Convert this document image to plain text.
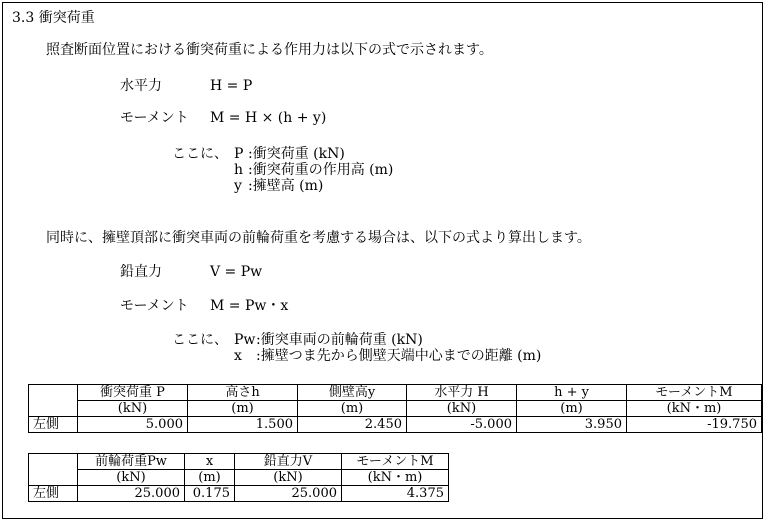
3.3 衝突荷重
照査断面位置における衝突荷重による作用力は以下の式で示されます。
水平力	H = P
モーメント M = H × (h + y)
ここに、 P :衝突荷重 (kN)
h :衝突荷重の作用高 (m)
y :擁壁高 (m)
同時に、擁壁頂部に衝突車両の前輪荷重を考慮する場合は、以下の式より算出します。
鉛直力	V = Pw
モーメント M = Pw・x
ここに、 Pw :衝突車両の前輪荷重 (kN)
x :擁壁つま先から側壁天端中心までの距離 (m)
	衝突荷重 P	高さh	側壁高y	水平力 H	h + y	モーメントM
	(kN)	(m)	(m)	(kN)	(m)	(kN・m)
左側	5.000	1.500	2.450	-5.000	3.950	-19.750
	前輪荷重Pw	x	鉛直力V	モーメントM
	(kN)	(m)	(kN)	(kN・m)
左側	25.000	0.175	25.000	4.375
